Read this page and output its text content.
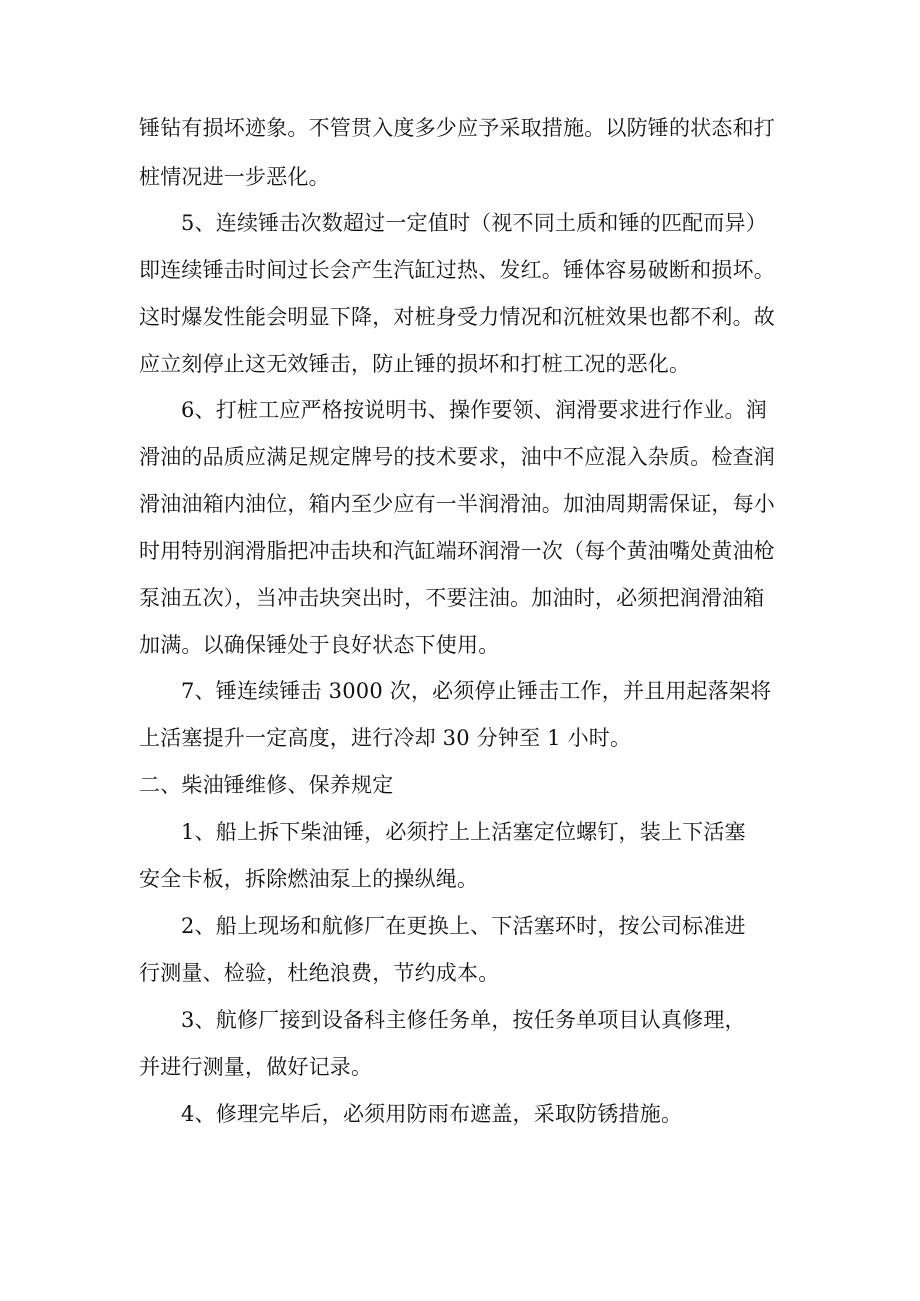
锤钻有损坏迹象。不管贯入度多少应予采取措施。以防锤的状态和打
桩情况进一步恶化。
5、连续锤击次数超过一定值时（视不同土质和锤的匹配而异）
即连续锤击时间过长会产生汽缸过热、发红。锤体容易破断和损坏。
这时爆发性能会明显下降，对桩身受力情况和沉桩效果也都不利。故
应立刻停止这无效锤击，防止锤的损坏和打桩工况的恶化。
6、打桩工应严格按说明书、操作要领、润滑要求进行作业。润
滑油的品质应满足规定牌号的技术要求，油中不应混入杂质。检查润
滑油油箱内油位，箱内至少应有一半润滑油。加油周期需保证，每小
时用特别润滑脂把冲击块和汽缸端环润滑一次（每个黄油嘴处黄油枪
泵油五次），当冲击块突出时，不要注油。加油时，必须把润滑油箱
加满。以确保锤处于良好状态下使用。
7、锤连续锤击 3000 次，必须停止锤击工作，并且用起落架将
上活塞提升一定高度，进行冷却 30 分钟至 1 小时。
二、柴油锤维修、保养规定
1、船上拆下柴油锤，必须拧上上活塞定位螺钉，装上下活塞
安全卡板，拆除燃油泵上的操纵绳。
2、船上现场和航修厂在更换上、下活塞环时，按公司标准进
行测量、检验，杜绝浪费，节约成本。
3、航修厂接到设备科主修任务单，按任务单项目认真修理，
并进行测量，做好记录。
4、修理完毕后，必须用防雨布遮盖，采取防锈措施。
